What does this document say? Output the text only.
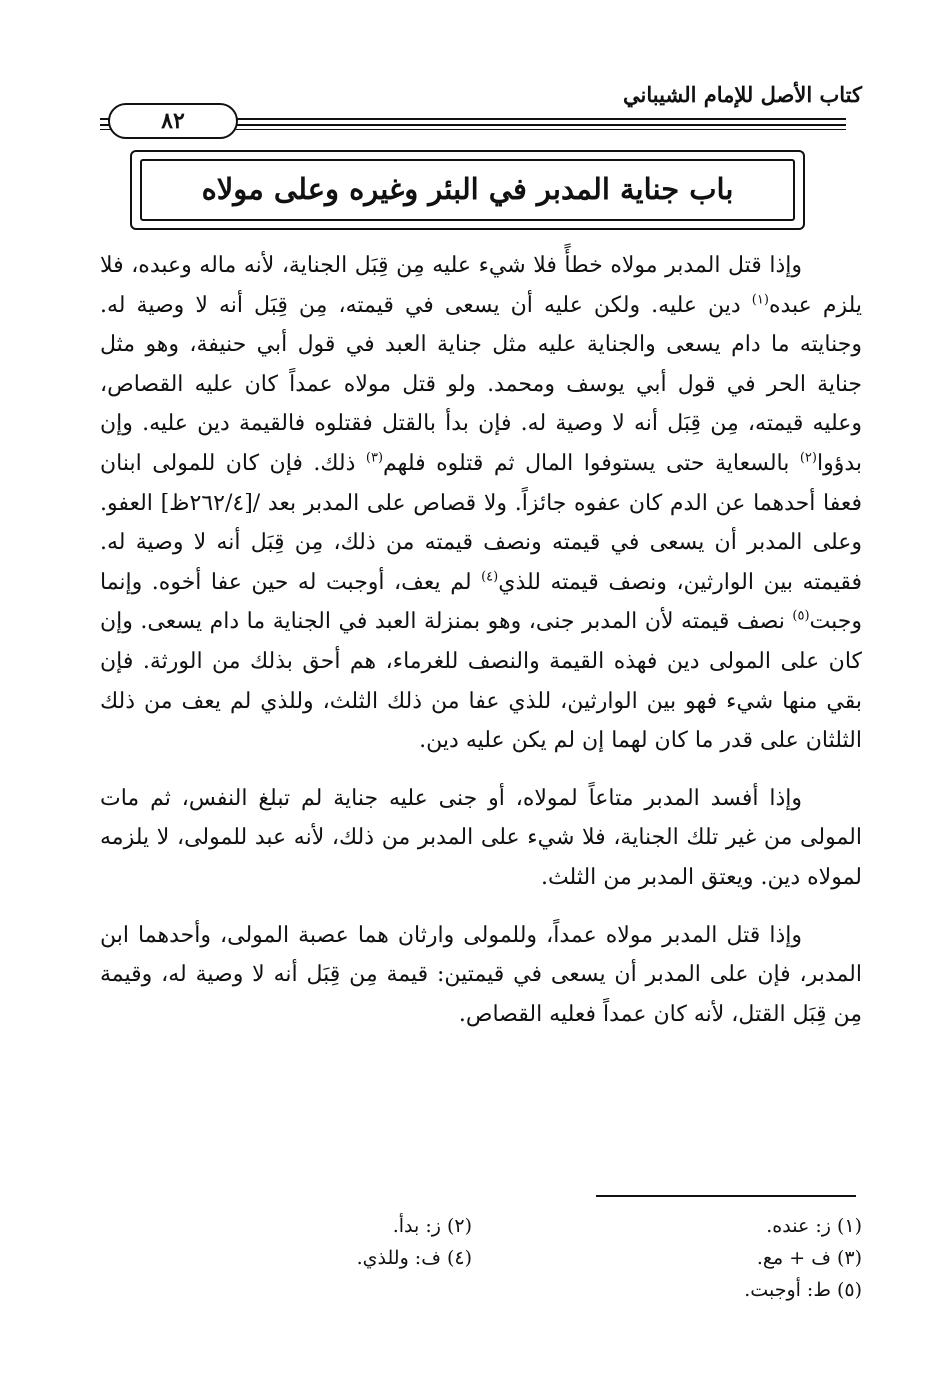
كتاب الأصل للإمام الشيباني
٨٢
باب جناية المدبر في البئر وغيره وعلى مولاه

وإذا قتل المدبر مولاه خطأً فلا شيء عليه مِن قِبَل الجناية، لأنه ماله وعبده، فلا يلزم عبده$^{(١)}$ دين عليه. ولكن عليه أن يسعى في قيمته، مِن قِبَل أنه لا وصية له. وجنايته ما دام يسعى والجناية عليه مثل جناية العبد في قول أبي حنيفة، وهو مثل جناية الحر في قول أبي يوسف ومحمد. ولو قتل مولاه عمداً كان عليه القصاص، وعليه قيمته، مِن قِبَل أنه لا وصية له. فإن بدأ بالقتل فقتلوه فالقيمة دين عليه. وإن بدؤوا$^{(٢)}$ بالسعاية حتى يستوفوا المال ثم قتلوه فلهم$^{(٣)}$ ذلك. فإن كان للمولى ابنان فعفا أحدهما عن الدم كان عفوه جائزاً. ولا قصاص على المدبر بعد /[٢٦٢/٤ظ] العفو. وعلى المدبر أن يسعى في قيمته ونصف قيمته من ذلك، مِن قِبَل أنه لا وصية له. فقيمته بين الوارثين، ونصف قيمته للذي$^{(٤)}$ لم يعف، أوجبت له حين عفا أخوه. وإنما وجبت$^{(٥)}$ نصف قيمته لأن المدبر جنى، وهو بمنزلة العبد في الجناية ما دام يسعى. وإن كان على المولى دين فهذه القيمة والنصف للغرماء، هم أحق بذلك من الورثة. فإن بقي منها شيء فهو بين الوارثين، للذي عفا من ذلك الثلث، وللذي لم يعف من ذلك الثلثان على قدر ما كان لهما إن لم يكن عليه دين.

وإذا أفسد المدبر متاعاً لمولاه، أو جنى عليه جناية لم تبلغ النفس، ثم مات المولى من غير تلك الجناية، فلا شيء على المدبر من ذلك، لأنه عبد للمولى، لا يلزمه لمولاه دين. ويعتق المدبر من الثلث.

وإذا قتل المدبر مولاه عمداً، وللمولى وارثان هما عصبة المولى، وأحدهما ابن المدبر، فإن على المدبر أن يسعى في قيمتين: قيمة مِن قِبَل أنه لا وصية له، وقيمة مِن قِبَل القتل، لأنه كان عمداً فعليه القصاص.

(١) ز: عنده.
(٢) ز: بدأ.
(٣) ف + مع.
(٤) ف: وللذي.
(٥) ط: أوجبت.
